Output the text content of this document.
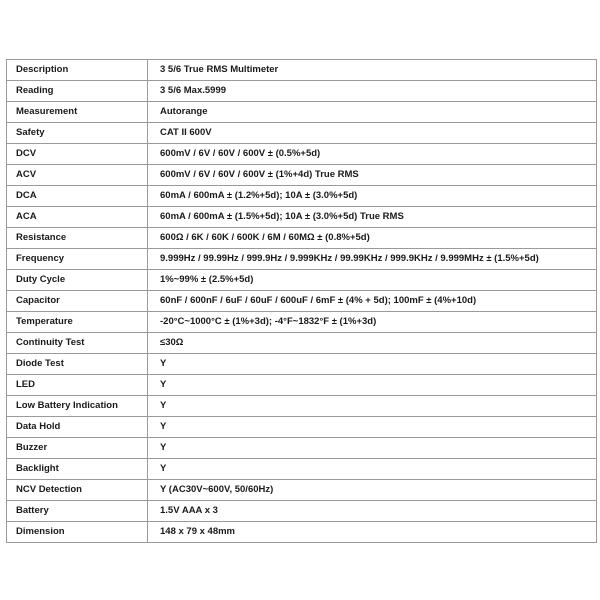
Description	3 5/6 True RMS Multimeter
Reading	3 5/6 Max.5999
Measurement	Autorange
Safety	CAT II 600V
DCV	600mV / 6V / 60V / 600V ± (0.5%+5d)
ACV	600mV / 6V / 60V / 600V ± (1%+4d) True RMS
DCA	60mA / 600mA ± (1.2%+5d); 10A ± (3.0%+5d)
ACA	60mA / 600mA ± (1.5%+5d); 10A ± (3.0%+5d) True RMS
Resistance	600Ω / 6K / 60K / 600K / 6M / 60MΩ ± (0.8%+5d)
Frequency	9.999Hz / 99.99Hz / 999.9Hz / 9.999KHz / 99.99KHz / 999.9KHz / 9.999MHz ± (1.5%+5d)
Duty Cycle	1%~99% ± (2.5%+5d)
Capacitor	60nF / 600nF / 6uF / 60uF / 600uF / 6mF ± (4% + 5d); 100mF ± (4%+10d)
Temperature	-20°C~1000°C ± (1%+3d); -4°F~1832°F ± (1%+3d)
Continuity Test	≤30Ω
Diode Test	Y
LED	Y
Low Battery Indication	Y
Data Hold	Y
Buzzer	Y
Backlight	Y
NCV Detection	Y (AC30V~600V, 50/60Hz)
Battery	1.5V AAA x 3
Dimension	148 x 79 x 48mm
